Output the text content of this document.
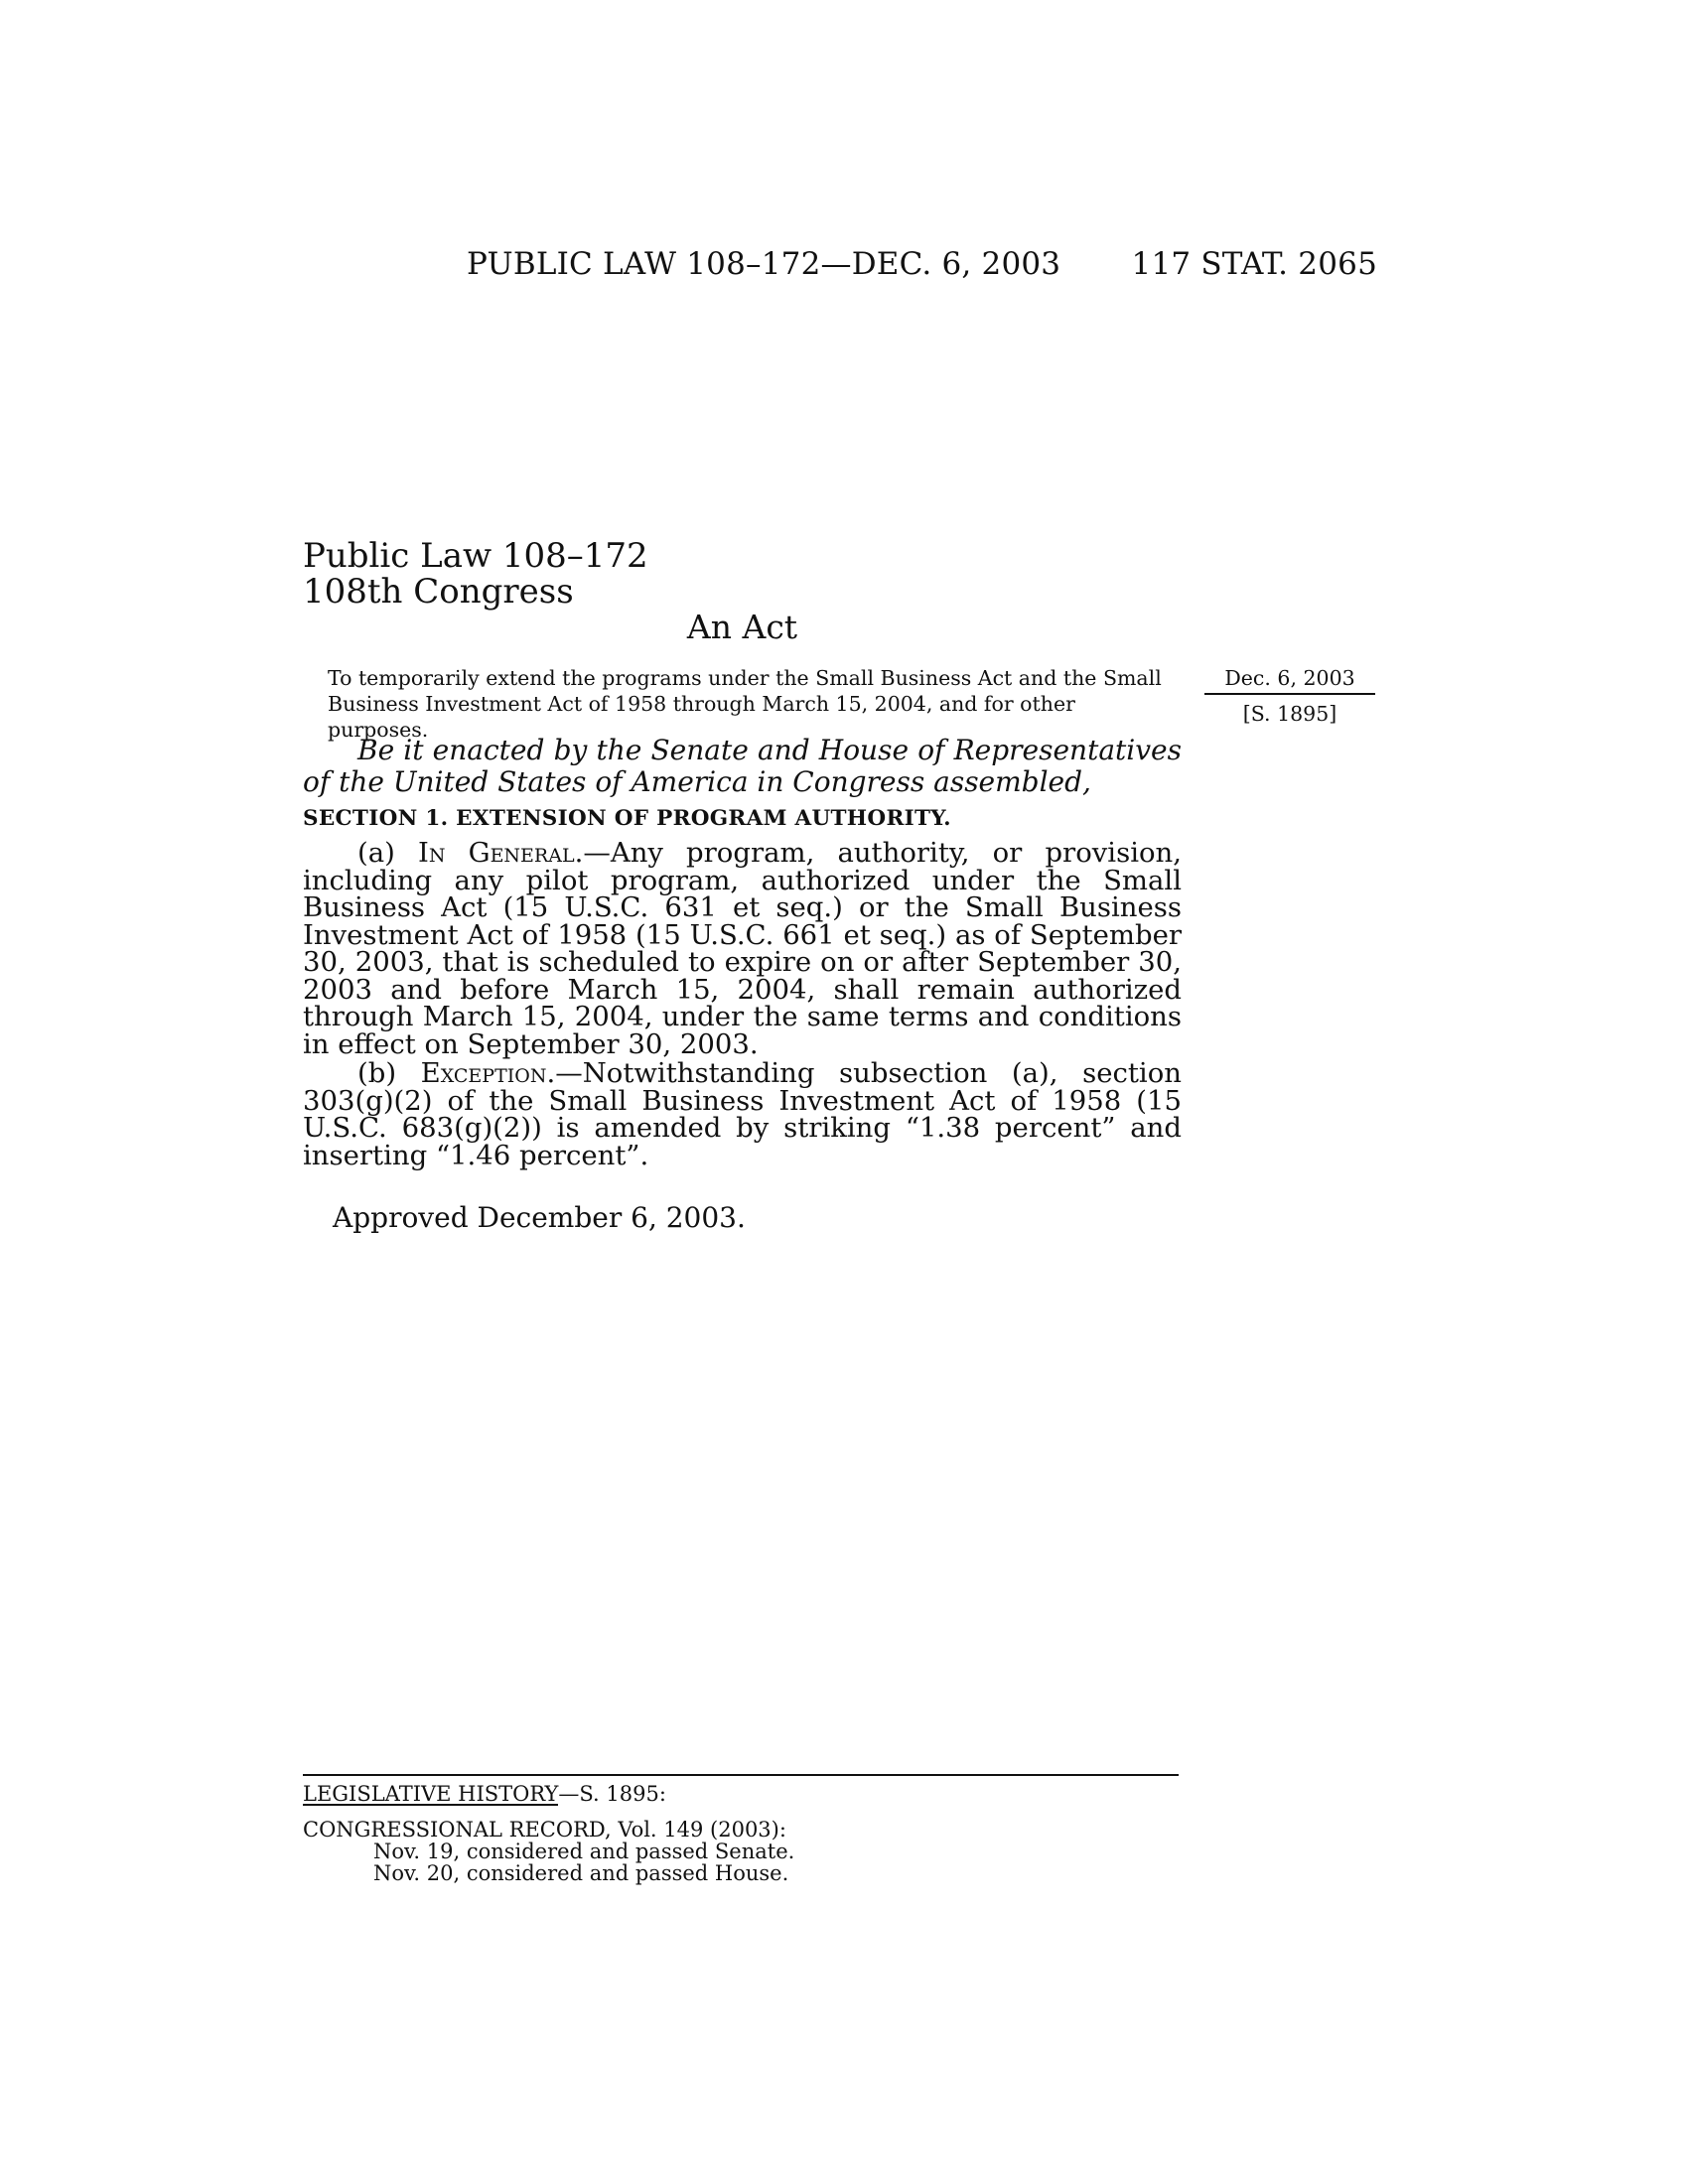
PUBLIC LAW 108–172—DEC. 6, 2003 117 STAT. 2065
Public Law 108–172
108th Congress
An Act
To temporarily extend the programs under the Small Business Act and the Small Business Investment Act of 1958 through March 15, 2004, and for other purposes.
Dec. 6, 2003
[S. 1895]
Be it enacted by the Senate and House of Representatives of the United States of America in Congress assembled,
SECTION 1. EXTENSION OF PROGRAM AUTHORITY.
(a) In General.—Any program, authority, or provision, including any pilot program, authorized under the Small Business Act (15 U.S.C. 631 et seq.) or the Small Business Investment Act of 1958 (15 U.S.C. 661 et seq.) as of September 30, 2003, that is scheduled to expire on or after September 30, 2003 and before March 15, 2004, shall remain authorized through March 15, 2004, under the same terms and conditions in effect on September 30, 2003.
(b) Exception.—Notwithstanding subsection (a), section 303(g)(2) of the Small Business Investment Act of 1958 (15 U.S.C. 683(g)(2)) is amended by striking “1.38 percent” and inserting “1.46 percent”.
Approved December 6, 2003.
LEGISLATIVE HISTORY—S. 1895:
CONGRESSIONAL RECORD, Vol. 149 (2003):
Nov. 19, considered and passed Senate.
Nov. 20, considered and passed House.
